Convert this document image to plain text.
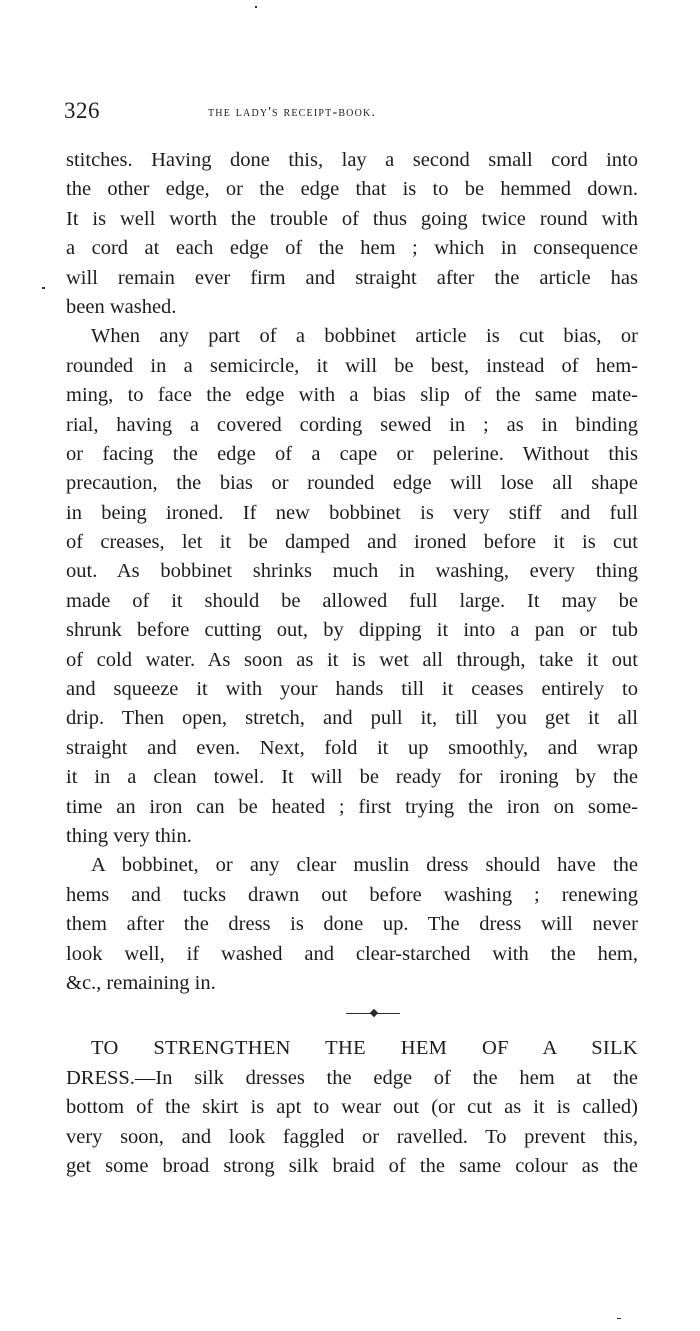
326	the lady's receipt-book.
stitches. Having done this, lay a second small cord into
the other edge, or the edge that is to be hemmed down.
It is well worth the trouble of thus going twice round with
a cord at each edge of the hem ; which in consequence
will remain ever firm and straight after the article has
been washed.
When any part of a bobbinet article is cut bias, or
rounded in a semicircle, it will be best, instead of hem-
ming, to face the edge with a bias slip of the same mate-
rial, having a covered cording sewed in ; as in binding
or facing the edge of a cape or pelerine. Without this
precaution, the bias or rounded edge will lose all shape
in being ironed. If new bobbinet is very stiff and full
of creases, let it be damped and ironed before it is cut
out. As bobbinet shrinks much in washing, every thing
made of it should be allowed full large. It may be
shrunk before cutting out, by dipping it into a pan or tub
of cold water. As soon as it is wet all through, take it out
and squeeze it with your hands till it ceases entirely to
drip. Then open, stretch, and pull it, till you get it all
straight and even. Next, fold it up smoothly, and wrap
it in a clean towel. It will be ready for ironing by the
time an iron can be heated ; first trying the iron on some-
thing very thin.
A bobbinet, or any clear muslin dress should have the
hems and tucks drawn out before washing ; renewing
them after the dress is done up. The dress will never
look well, if washed and clear-starched with the hem,
&c., remaining in.
TO STRENGTHEN THE HEM OF A SILK
DRESS.—In silk dresses the edge of the hem at the
bottom of the skirt is apt to wear out (or cut as it is called)
very soon, and look faggled or ravelled. To prevent this,
get some broad strong silk braid of the same colour as the
